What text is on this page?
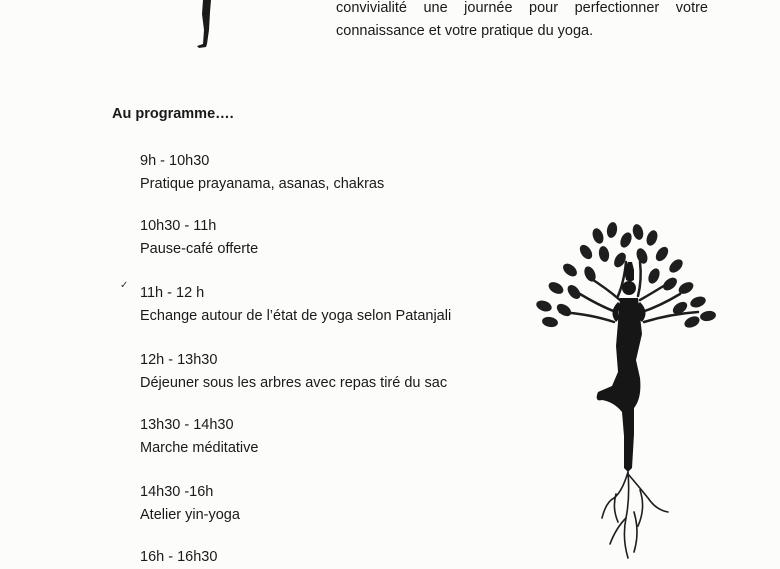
convivialité une journée pour perfectionner votre
connaissance et votre pratique du yoga.
Au programme….
9h - 10h30
Pratique prayanama, asanas, chakras
10h30 - 11h
Pause-café offerte
11h - 12 h
Echange autour de l’état de yoga selon Patanjali
12h - 13h30
Déjeuner sous les arbres avec repas tiré du sac
13h30 - 14h30
Marche méditative
14h30 -16h
Atelier yin-yoga
16h - 16h30
✓
